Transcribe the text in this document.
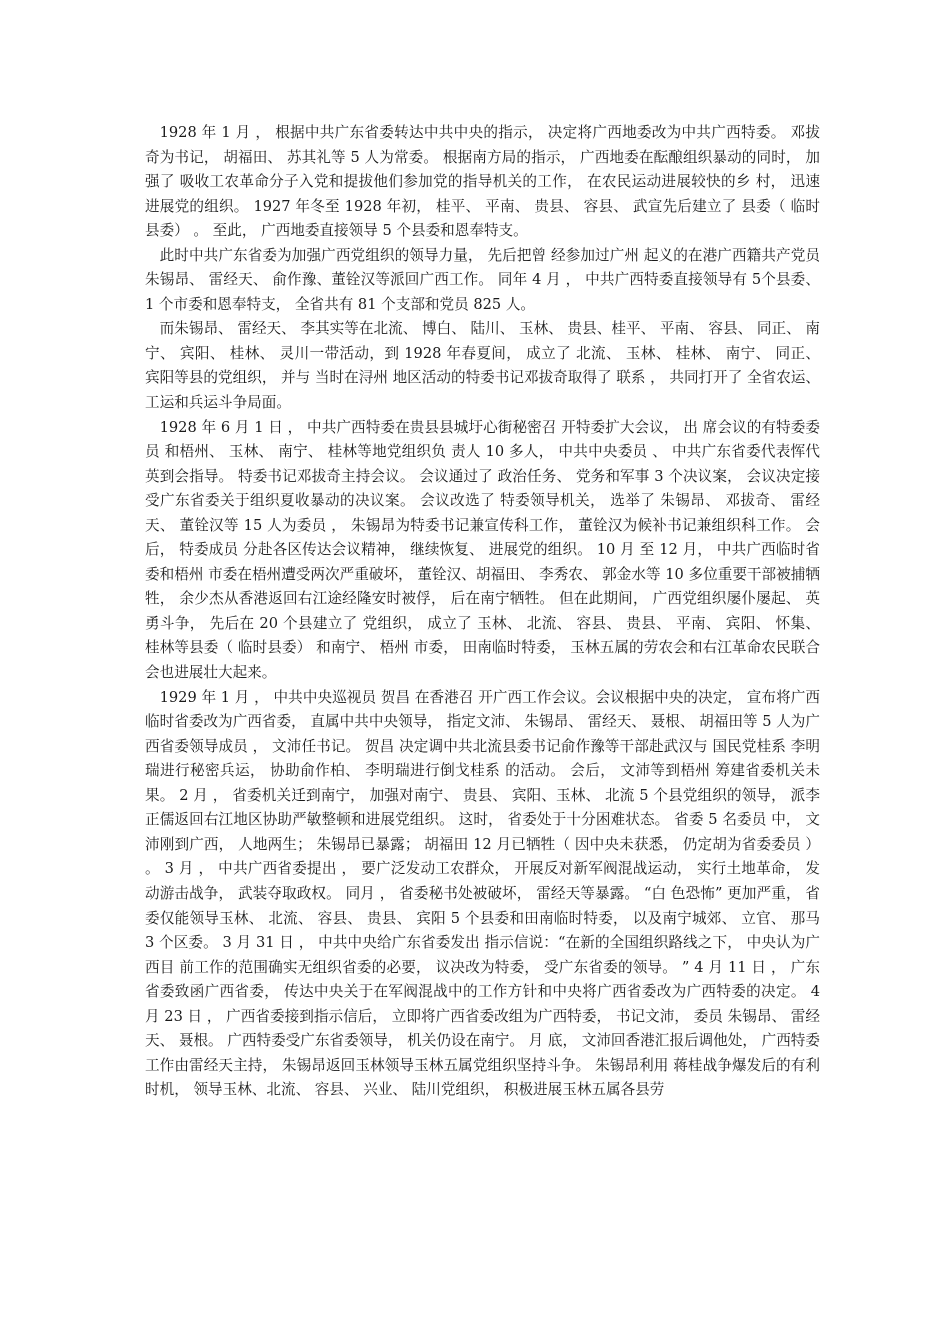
1928 年 1 月 ， 根据中共广东省委转达中共中央的指示， 决定将广西地委改为中共广西特委。 邓拔奇为书记， 胡福田、 苏其礼等 5 人为常委。 根据南方局的指示， 广西地委在酝酿组织暴动的同时， 加强了 吸收工农革命分子入党和提拔他们参加党的指导机关的工作， 在农民运动进展较快的乡 村， 迅速进展党的组织。 1927 年冬至 1928 年初， 桂平、 平南、 贵县、 容县、 武宣先后建立了 县委（ 临时县委） 。 至此， 广西地委直接领导 5 个县委和恩奉特支。

此时中共广东省委为加强广西党组织的领导力量， 先后把曾 经参加过广州 起义的在港广西籍共产党员 朱锡昂、 雷经天、 俞作豫、董铨汉等派回广西工作。 同年 4 月 ， 中共广西特委直接领导有 5个县委、 1 个市委和恩奉特支， 全省共有 81 个支部和党员 825 人。

而朱锡昂、 雷经天、 李其实等在北流、 博白、 陆川、 玉林、 贵县、桂平、 平南、 容县、 同正、 南宁、 宾阳、 桂林、 灵川一带活动，到 1928 年春夏间， 成立了 北流、 玉林、 桂林、 南宁、 同正、 宾阳等县的党组织， 并与 当时在浔州 地区活动的特委书记邓拔奇取得了 联系 ， 共同打开了 全省农运、 工运和兵运斗争局面。

1928 年 6 月 1 日 ， 中共广西特委在贵县县城圩心街秘密召 开特委扩大会议， 出 席会议的有特委委员 和梧州、 玉林、 南宁、 桂林等地党组织负 责人 10 多人， 中共中央委员 、 中共广东省委代表恽代英到会指导。 特委书记邓拔奇主持会议。 会议通过了 政治任务、 党务和军事 3 个决议案， 会议决定接受广东省委关于组织夏收暴动的决议案。 会议改选了 特委领导机关， 选举了 朱锡昂、 邓拔奇、 雷经天、 董铨汉等 15 人为委员 ， 朱锡昂为特委书记兼宣传科工作， 董铨汉为候补书记兼组织科工作。 会后， 特委成员 分赴各区传达会议精神， 继续恢复、 进展党的组织。 10 月 至 12 月， 中共广西临时省委和梧州 市委在梧州遭受两次严重破坏， 董铨汉、胡福田、 李秀农、 郭金水等 10 多位重要干部被捕牺牲， 余少杰从香港返回右江途经隆安时被俘， 后在南宁牺牲。 但在此期间， 广西党组织屡仆屡起、 英勇斗争， 先后在 20 个县建立了 党组织， 成立了 玉林、 北流、 容县、 贵县、 平南、 宾阳、 怀集、 桂林等县委（ 临时县委） 和南宁、 梧州 市委， 田南临时特委， 玉林五属的劳农会和右江革命农民联合会也进展壮大起来。

1929 年 1 月 ， 中共中央巡视员 贺昌 在香港召 开广西工作会议。会议根据中央的决定， 宣布将广西临时省委改为广西省委， 直属中共中央领导， 指定文沛、 朱锡昂、 雷经天、 聂根、 胡福田等 5 人为广西省委领导成员 ， 文沛任书记。 贺昌 决定调中共北流县委书记俞作豫等干部赴武汉与 国民党桂系 李明瑞进行秘密兵运， 协助俞作柏、 李明瑞进行倒戈桂系 的活动。 会后， 文沛等到梧州 筹建省委机关未果。 2 月 ， 省委机关迁到南宁， 加强对南宁、 贵县、 宾阳、玉林、 北流 5 个县党组织的领导， 派李正儒返回右江地区协助严敏整顿和进展党组织。 这时， 省委处于十分困难状态。 省委 5 名委员 中， 文沛刚到广西， 人地两生； 朱锡昂已暴露； 胡福田 12 月已牺牲（ 因中央未获悉， 仍定胡为省委委员 ） 。 3 月 ， 中共广西省委提出 ， 要广泛发动工农群众， 开展反对新军阀混战运动， 实行土地革命， 发动游击战争， 武装夺取政权。 同月 ， 省委秘书处被破坏， 雷经天等暴露。 “白 色恐怖” 更加严重， 省委仅能领导玉林、 北流、 容县、 贵县、 宾阳 5 个县委和田南临时特委， 以及南宁城郊、 立官、 那马 3 个区委。 3 月 31 日 ， 中共中央给广东省委发出 指示信说：“在新的全国组织路线之下， 中央认为广西目 前工作的范围确实无组织省委的必要， 议决改为特委， 受广东省委的领导。 ” 4 月 11 日 ， 广东省委致函广西省委， 传达中央关于在军阀混战中的工作方针和中央将广西省委改为广西特委的决定。 4月 23 日 ， 广西省委接到指示信后， 立即将广西省委改组为广西特委， 书记文沛， 委员 朱锡昂、 雷经天、 聂根。 广西特委受广东省委领导， 机关仍设在南宁。 月 底， 文沛回香港汇报后调他处， 广西特委工作由雷经天主持， 朱锡昂返回玉林领导玉林五属党组织坚持斗争。 朱锡昂利用 蒋桂战争爆发后的有利时机， 领导玉林、北流、 容县、 兴业、 陆川党组织， 积极进展玉林五属各县劳
